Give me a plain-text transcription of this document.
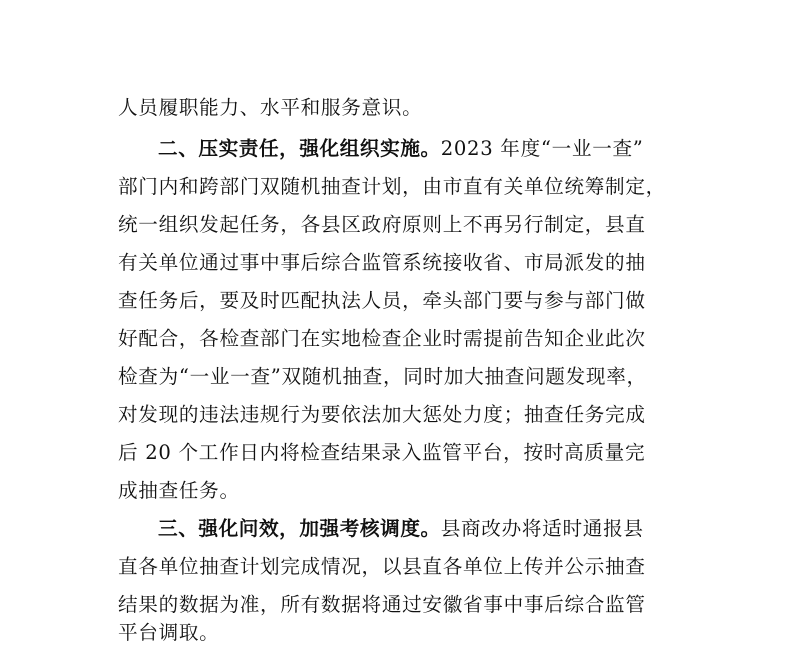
人员履职能力、水平和服务意识。
二、压实责任，强化组织实施。2023 年度“一业一查”
部门内和跨部门双随机抽查计划，由市直有关单位统筹制定，
统一组织发起任务，各县区政府原则上不再另行制定，县直
有关单位通过事中事后综合监管系统接收省、市局派发的抽
查任务后，要及时匹配执法人员，牵头部门要与参与部门做
好配合，各检查部门在实地检查企业时需提前告知企业此次
检查为“一业一查”双随机抽查，同时加大抽查问题发现率，
对发现的违法违规行为要依法加大惩处力度；抽查任务完成
后 20 个工作日内将检查结果录入监管平台，按时高质量完
成抽查任务。
三、强化问效，加强考核调度。县商改办将适时通报县
直各单位抽查计划完成情况，以县直各单位上传并公示抽查
结果的数据为准，所有数据将通过安徽省事中事后综合监管
平台调取。
